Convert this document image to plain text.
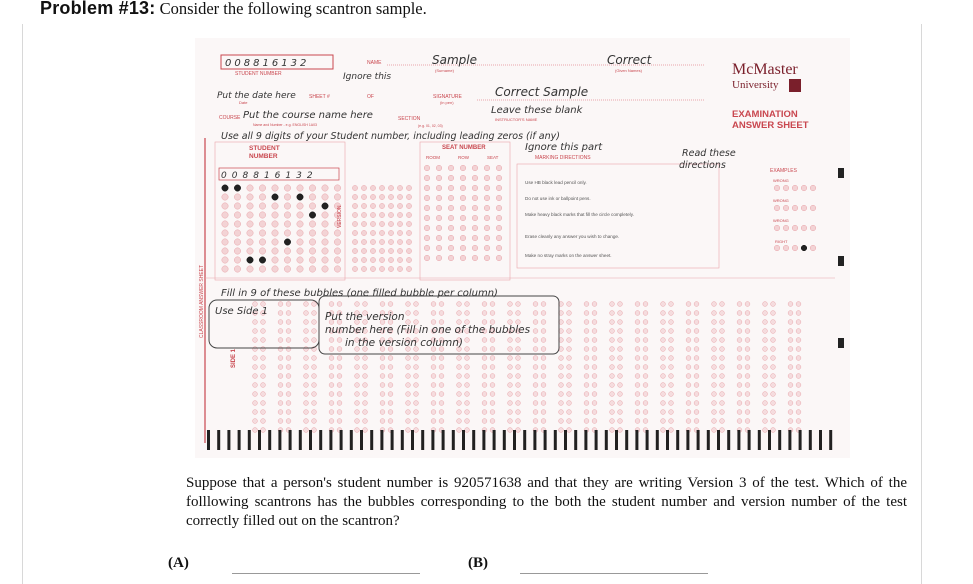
Problem #13: Consider the following scantron sample.
0 0 8 8 1 6 1 3 2
STUDENT NUMBER
NAME
(Surname)	(Given Names)
Sample	Correct
Ignore this
Put the date here	SHEET #	OF
Date
SIGNATURE
(in pen)
Correct Sample
Leave these blank
INSTRUCTOR'S NAME
COURSE Put the course name here
Name and Number - e.g. ENGLISH 1A03
SECTION
(e.g. 01, 02, 03)
Use all 9 digits of your Student number, including leading zeros (if any)
McMaster
University
EXAMINATION
ANSWER SHEET
STUDENT
NUMBER
0 0 8 8 1 6 1 3 2
VERSION
SEAT NUMBER
ROOM	ROW	SEAT
Ignore this part
MARKING DIRECTIONS
Use HB black lead pencil only.
Do not use ink or ballpoint pens.
Make heavy black marks that fill the circle completely.
Erase cleanly any answer you wish to change.
Make no stray marks on the answer sheet.
Read these
directions	EXAMPLES
WRONG
WRONG
WRONG
RIGHT
Fill in 9 of these bubbles (one filled bubble per column)
Use Side 1	Put the version
number here (Fill in one of the bubbles
in the version column)
CLASSROOM ANSWER SHEET
SIDE 1
Suppose that a person's student number is 920571638 and that they are writing Version 3 of the test. Which of the folllowing scantrons has the bubbles corresponding to the both the student number and version number of the test correctly filled out on the scantron?
(A)	(B)
